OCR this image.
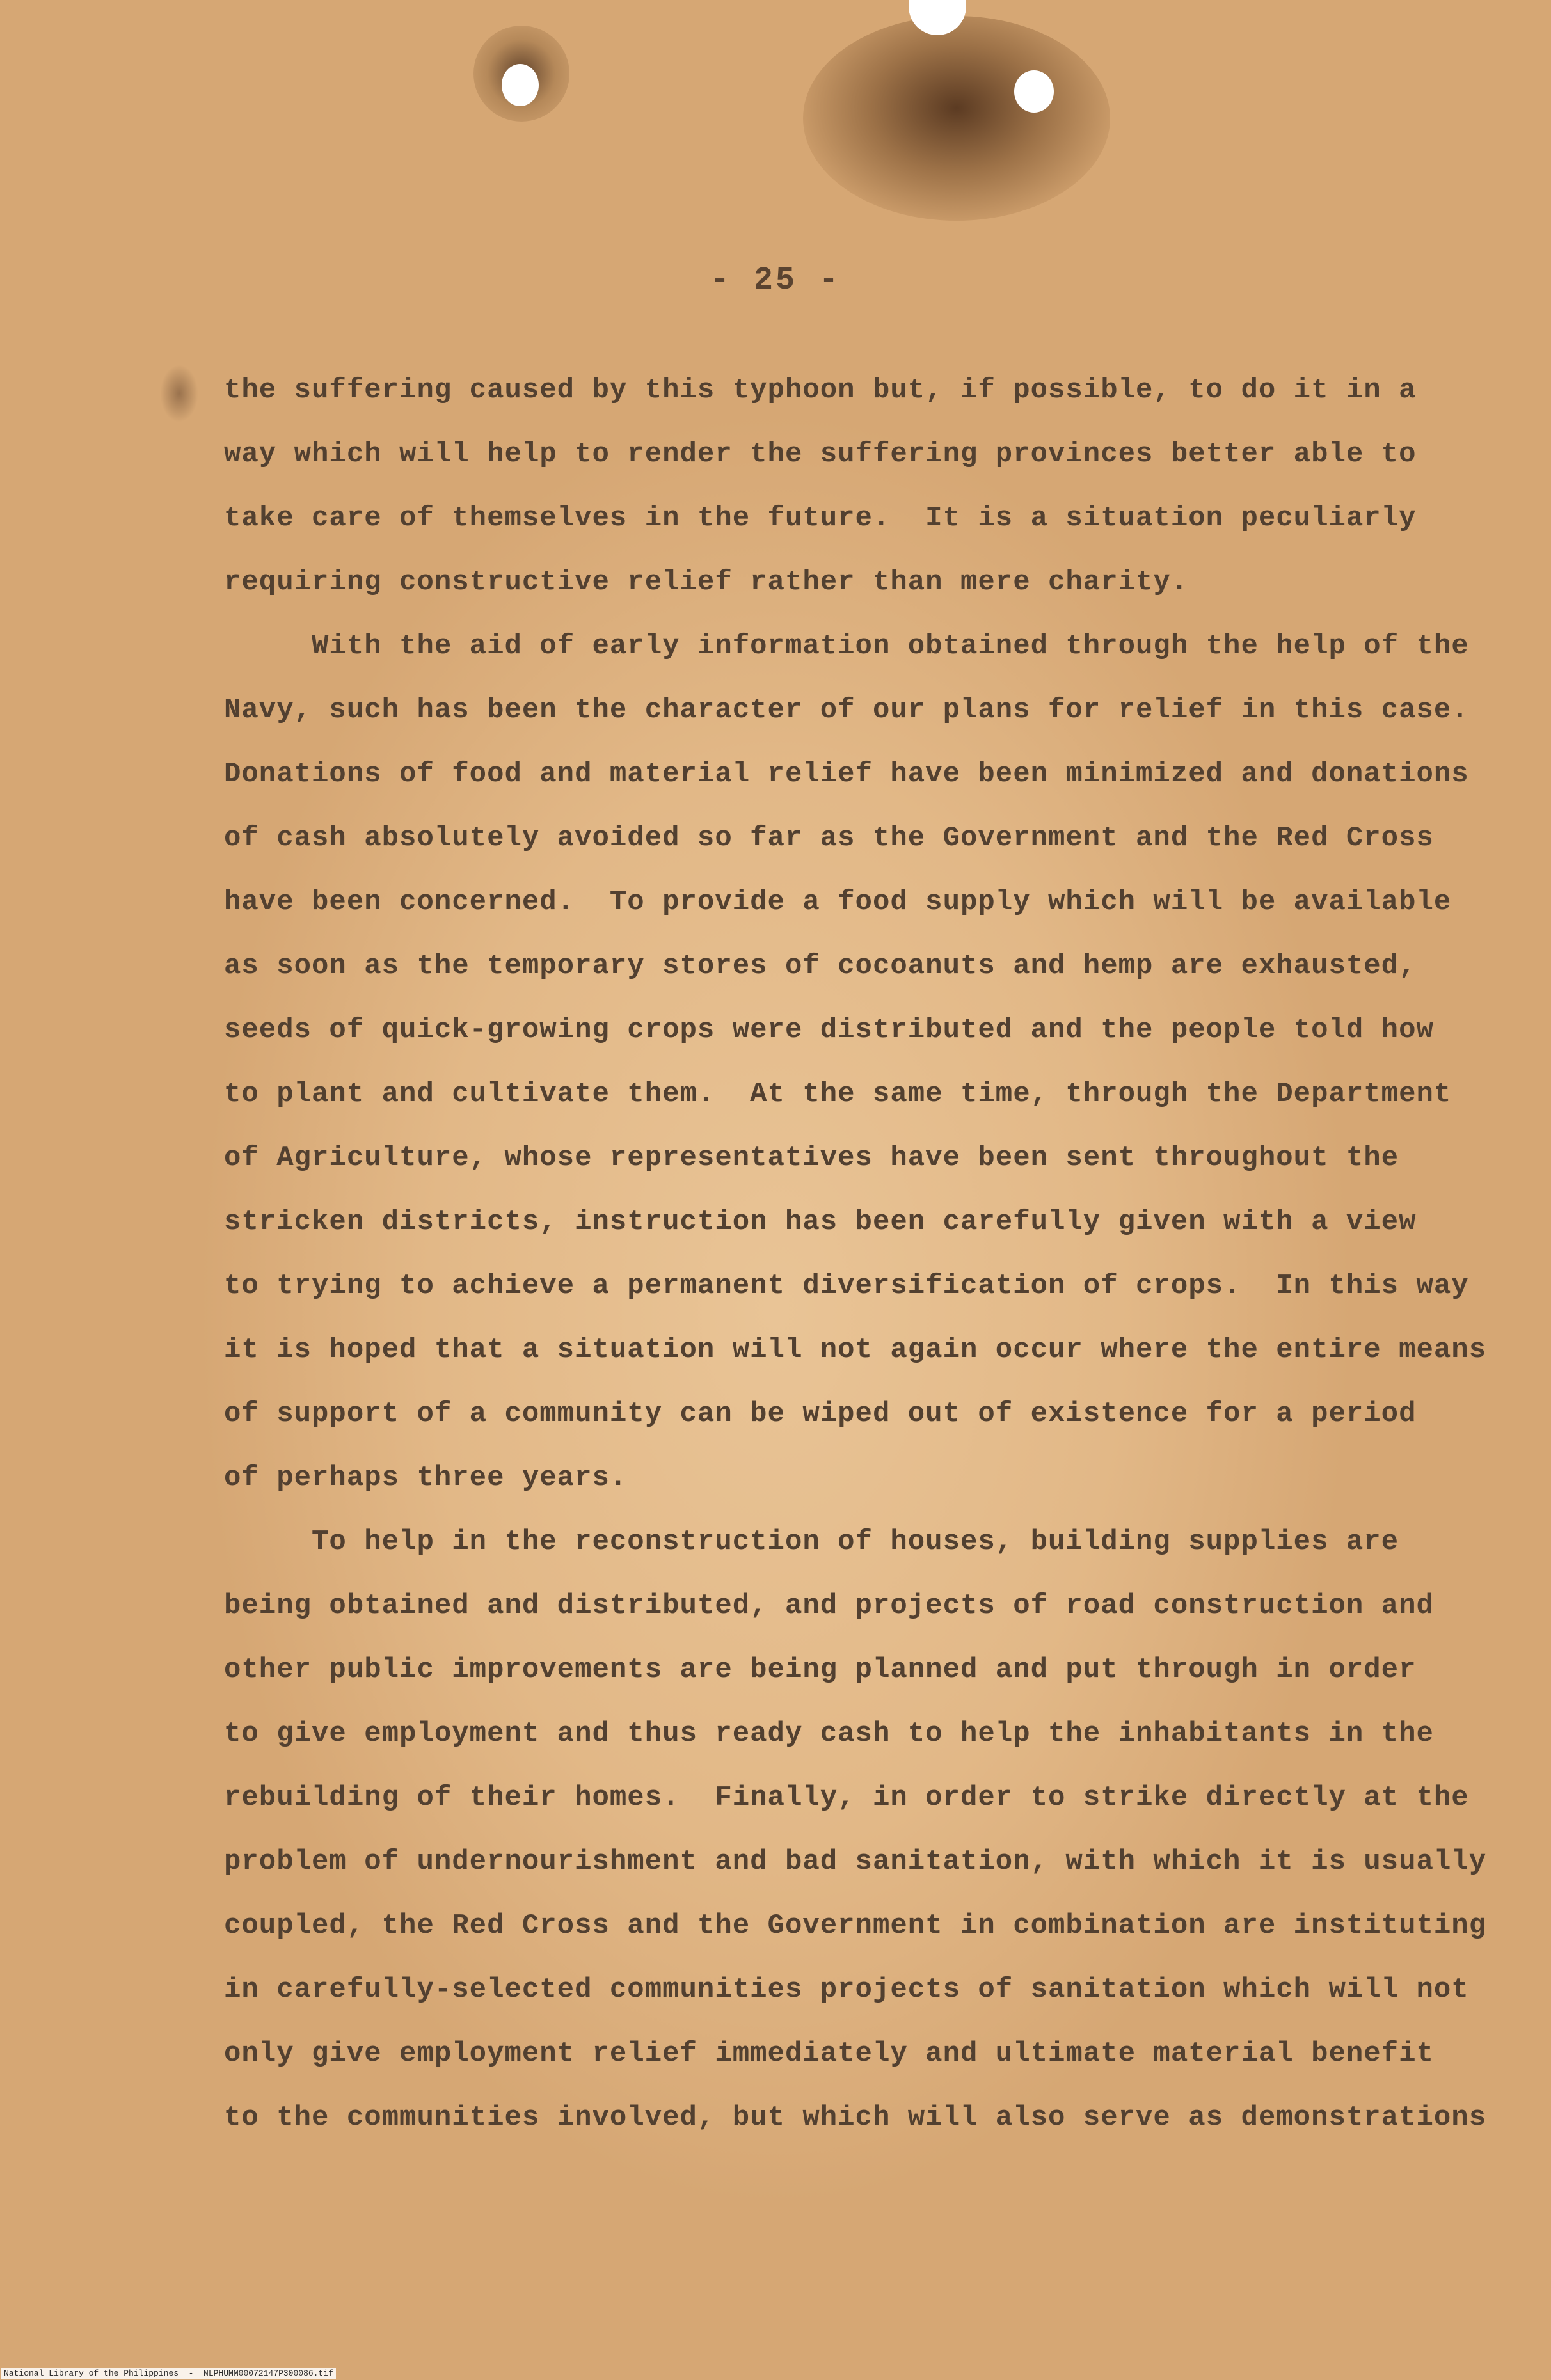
- 25 -
the suffering caused by this typhoon but, if possible, to do it in a
way which will help to render the suffering provinces better able to
take care of themselves in the future.  It is a situation peculiarly
requiring constructive relief rather than mere charity.
With the aid of early information obtained through the help of the
Navy, such has been the character of our plans for relief in this case.
Donations of food and material relief have been minimized and donations
of cash absolutely avoided so far as the Government and the Red Cross
have been concerned.  To provide a food supply which will be available
as soon as the temporary stores of cocoanuts and hemp are exhausted,
seeds of quick-growing crops were distributed and the people told how
to plant and cultivate them.  At the same time, through the Department
of Agriculture, whose representatives have been sent throughout the
stricken districts, instruction has been carefully given with a view
to trying to achieve a permanent diversification of crops.  In this way
it is hoped that a situation will not again occur where the entire means
of support of a community can be wiped out of existence for a period
of perhaps three years.
To help in the reconstruction of houses, building supplies are
being obtained and distributed, and projects of road construction and
other public improvements are being planned and put through in order
to give employment and thus ready cash to help the inhabitants in the
rebuilding of their homes.  Finally, in order to strike directly at the
problem of undernourishment and bad sanitation, with which it is usually
coupled, the Red Cross and the Government in combination are instituting
in carefully-selected communities projects of sanitation which will not
only give employment relief immediately and ultimate material benefit
to the communities involved, but which will also serve as demonstrations
National Library of the Philippines  -  NLPHUMM00072147P300086.tif
